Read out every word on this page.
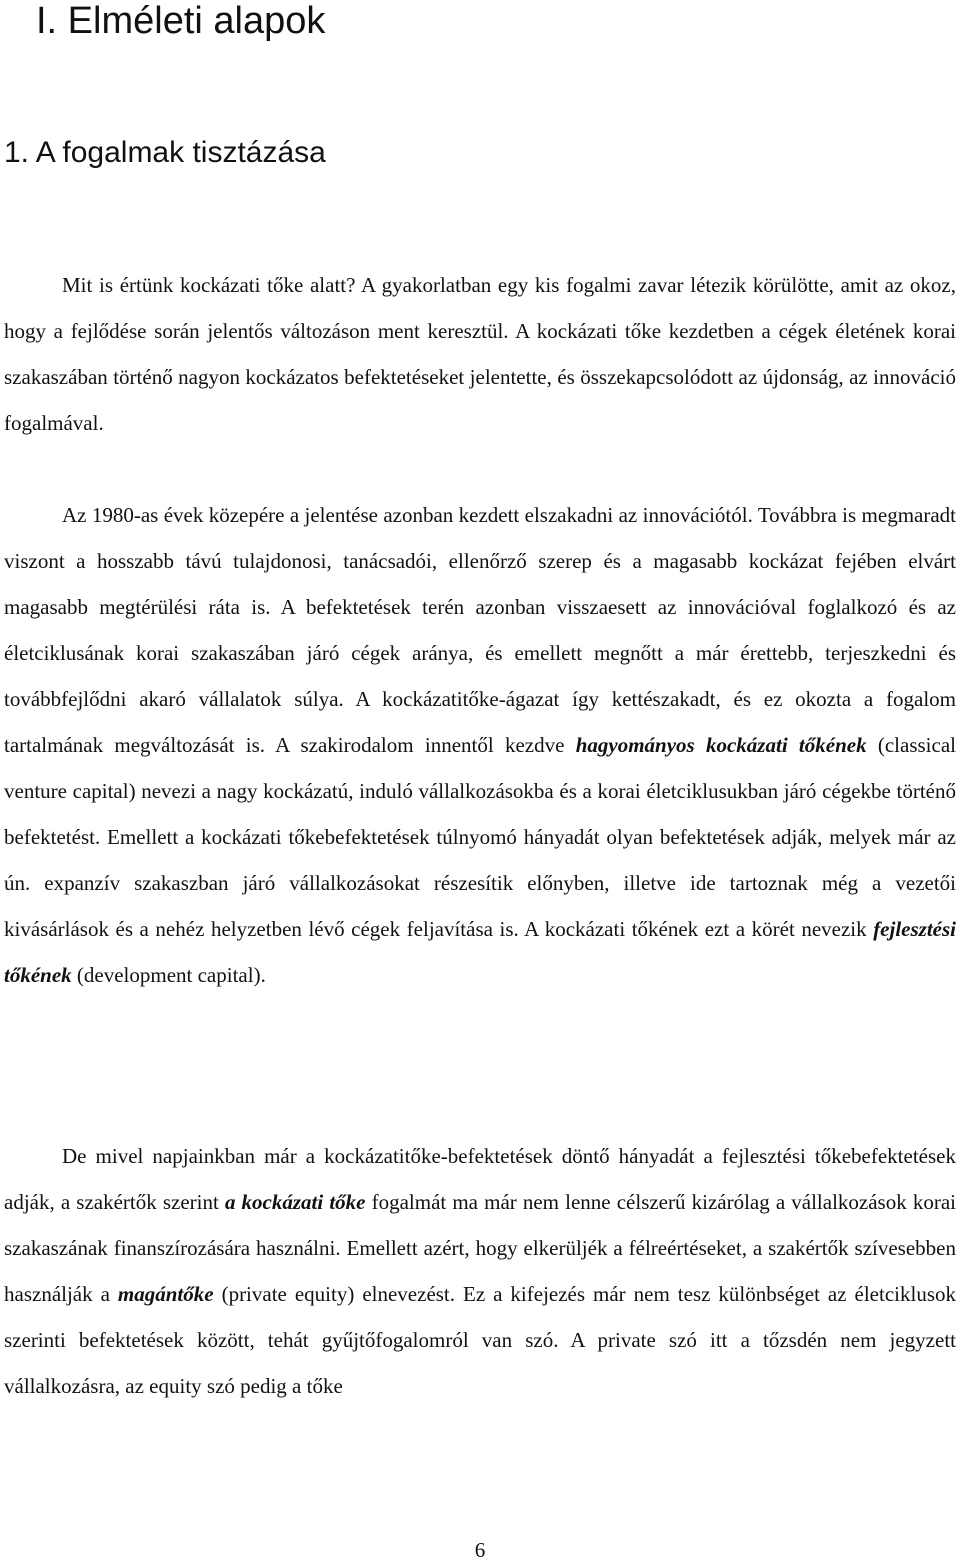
I. Elméleti alapok
1. A fogalmak tisztázása

Mit is értünk kockázati tőke alatt? A gyakorlatban egy kis fogalmi zavar létezik körülötte, amit az okoz, hogy a fejlődése során jelentős változáson ment keresztül. A kockázati tőke kezdetben a cégek életének korai szakaszában történő nagyon kockázatos befektetéseket jelentette, és összekapcsolódott az újdonság, az innováció fogalmával.

Az 1980-as évek közepére a jelentése azonban kezdett elszakadni az innovációtól. Továbbra is megmaradt viszont a hosszabb távú tulajdonosi, tanácsadói, ellenőrző szerep és a magasabb kockázat fejében elvárt magasabb megtérülési ráta is. A befektetések terén azonban visszaesett az innovációval foglalkozó és az életciklusának korai szakaszában járó cégek aránya, és emellett megnőtt a már érettebb, terjeszkedni és továbbfejlődni akaró vállalatok súlya. A kockázatitőke-ágazat így kettészakadt, és ez okozta a fogalom tartalmának megváltozását is. A szakirodalom innentől kezdve hagyományos kockázati tőkének (classical venture capital) nevezi a nagy kockázatú, induló vállalkozásokba és a korai életciklusukban járó cégekbe történő befektetést. Emellett a kockázati tőkebefektetések túlnyomó hányadát olyan befektetések adják, melyek már az ún. expanzív szakaszban járó vállalkozásokat részesítik előnyben, illetve ide tartoznak még a vezetői kivásárlások és a nehéz helyzetben lévő cégek feljavítása is. A kockázati tőkének ezt a körét nevezik fejlesztési tőkének (development capital).

De mivel napjainkban már a kockázatitőke-befektetések döntő hányadát a fejlesztési tőkebefektetések adják, a szakértők szerint a kockázati tőke fogalmát ma már nem lenne célszerű kizárólag a vállalkozások korai szakaszának finanszírozására használni. Emellett azért, hogy elkerüljék a félreértéseket, a szakértők szívesebben használják a magántőke (private equity) elnevezést. Ez a kifejezés már nem tesz különbséget az életciklusok szerinti befektetések között, tehát gyűjtőfogalomról van szó. A private szó itt a tőzsdén nem jegyzett vállalkozásra, az equity szó pedig a tőke

6
